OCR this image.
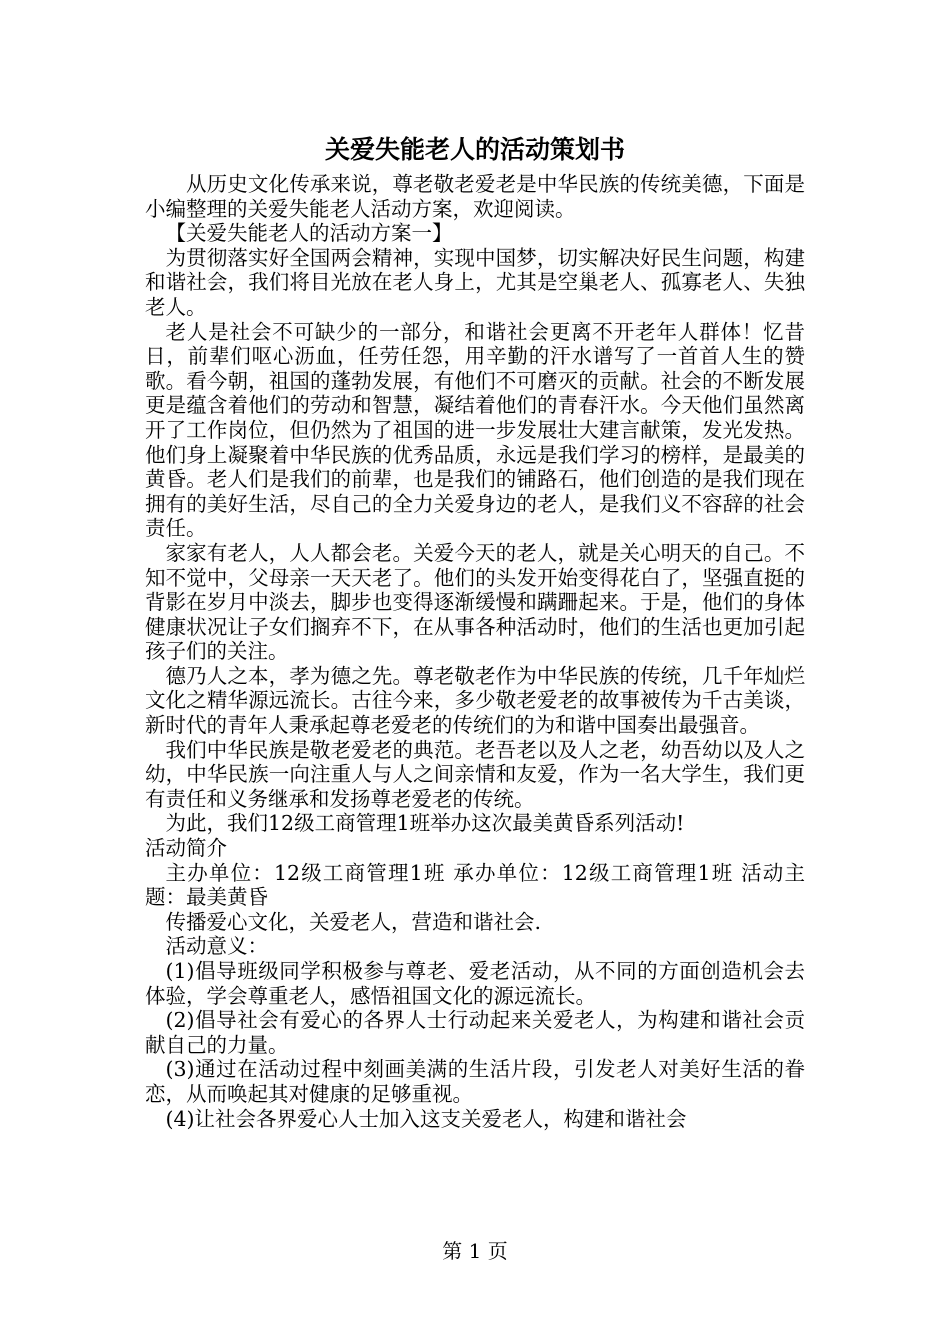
关爱失能老人的活动策划书

从历史文化传承来说，尊老敬老爱老是中华民族的传统美德，下面是小编整理的关爱失能老人活动方案，欢迎阅读。

【关爱失能老人的活动方案一】

为贯彻落实好全国两会精神，实现中国梦，切实解决好民生问题，构建和谐社会，我们将目光放在老人身上，尤其是空巢老人、孤寡老人、失独老人。

老人是社会不可缺少的一部分，和谐社会更离不开老年人群体！忆昔日，前辈们呕心沥血，任劳任怨，用辛勤的汗水谱写了一首首人生的赞歌。看今朝，祖国的蓬勃发展，有他们不可磨灭的贡献。社会的不断发展更是蕴含着他们的劳动和智慧，凝结着他们的青春汗水。今天他们虽然离开了工作岗位，但仍然为了祖国的进一步发展壮大建言献策，发光发热。他们身上凝聚着中华民族的优秀品质，永远是我们学习的榜样，是最美的黄昏。老人们是我们的前辈，也是我们的铺路石，他们创造的是我们现在拥有的美好生活，尽自己的全力关爱身边的老人，是我们义不容辞的社会责任。

家家有老人，人人都会老。关爱今天的老人，就是关心明天的自己。不知不觉中，父母亲一天天老了。他们的头发开始变得花白了，坚强直挺的背影在岁月中淡去，脚步也变得逐渐缓慢和蹒跚起来。于是，他们的身体健康状况让子女们搁弃不下，在从事各种活动时，他们的生活也更加引起孩子们的关注。

德乃人之本，孝为德之先。尊老敬老作为中华民族的传统，几千年灿烂文化之精华源远流长。古往今来，多少敬老爱老的故事被传为千古美谈，新时代的青年人秉承起尊老爱老的传统们的为和谐中国奏出最强音。

我们中华民族是敬老爱老的典范。老吾老以及人之老，幼吾幼以及人之幼，中华民族一向注重人与人之间亲情和友爱，作为一名大学生，我们更有责任和义务继承和发扬尊老爱老的传统。

为此，我们12级工商管理1班举办这次最美黄昏系列活动!

活动简介

主办单位：12级工商管理1班 承办单位：12级工商管理1班 活动主题：最美黄昏

传播爱心文化，关爱老人，营造和谐社会.

活动意义：

(1)倡导班级同学积极参与尊老、爱老活动，从不同的方面创造机会去体验，学会尊重老人，感悟祖国文化的源远流长。

(2)倡导社会有爱心的各界人士行动起来关爱老人，为构建和谐社会贡献自己的力量。

(3)通过在活动过程中刻画美满的生活片段，引发老人对美好生活的眷恋，从而唤起其对健康的足够重视。

(4)让社会各界爱心人士加入这支关爱老人，构建和谐社会

第 1 页
